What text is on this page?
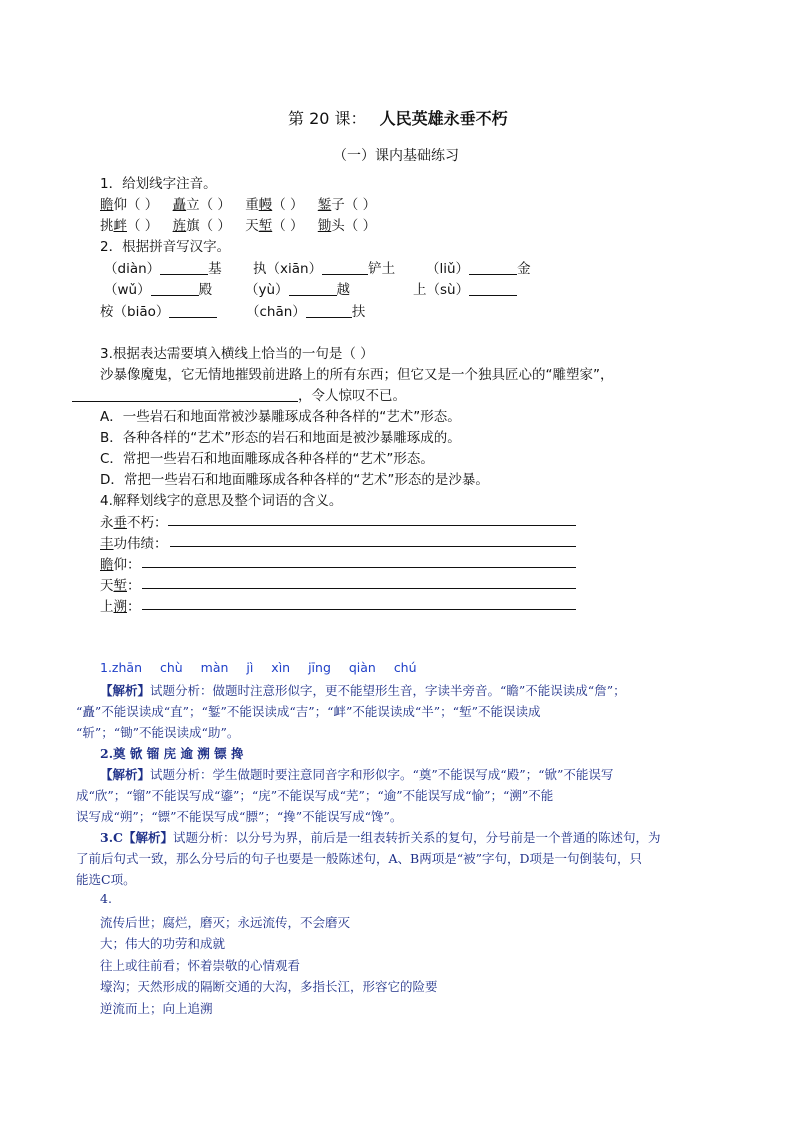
第 20 课： 人民英雄永垂不朽
（一）课内基础练习
1．给划线字注音。
瞻仰（ ） 矗立（ ） 重幔（ ） 錾子（ ）
挑衅（ ） 旌旗（ ） 天堑（ ） 锄头（ ）
2．根据拼音写汉字。
（diàn）	基 执（xiān）	铲土 （liǔ）	金
（wǔ）	殿 （yù）	越	上（sù）
桉（biāo）	（chān）	扶
3.根据表达需要填入横线上恰当的一句是（ ）
沙暴像魔鬼，它无情地摧毁前进路上的所有东西；但它又是一个独具匠心的“雕塑家”，
，令人惊叹不已。
A．一些岩石和地面常被沙暴雕琢成各种各样的“艺术”形态。
B．各种各样的“艺术”形态的岩石和地面是被沙暴雕琢成的。
C．常把一些岩石和地面雕琢成各种各样的“艺术”形态。
D．常把一些岩石和地面雕琢成各种各样的“艺术”形态的是沙暴。
4.解释划线字的意思及整个词语的含义。
永垂不朽：
丰功伟绩：
瞻仰：
天堑：
上溯：
1.zhān chù màn jì xìn jīng qiàn chú
【解析】试题分析：做题时注意形似字，更不能望形生音，字读半旁音。“瞻”不能误读成“詹”；
“矗”不能误读成“直”；“錾”不能误读成“吉”；“衅”不能误读成“半”；“堑”不能误读成
“斩”；“锄”不能误读成“助”。
2.奠 锨 镏 庑 逾 溯 镖 搀
【解析】试题分析：学生做题时要注意同音字和形似字。“奠”不能误写成“殿”；“锨”不能误写
成“欣”；“镏”不能误写成“鎏”；“庑”不能误写成“芜”；“逾”不能误写成“愉”；“溯”不能
误写成“朔”；“镖”不能误写成“膘”；“搀”不能误写成“馋”。
3.C【解析】试题分析：以分号为界，前后是一组表转折关系的复句，分号前是一个普通的陈述句，为
了前后句式一致，那么分号后的句子也要是一般陈述句，A、B两项是“被”字句，D项是一句倒装句，只
能选C项。
4.
流传后世；腐烂，磨灭；永远流传，不会磨灭
大；伟大的功劳和成就
往上或往前看；怀着崇敬的心情观看
壕沟；天然形成的隔断交通的大沟，多指长江，形容它的险要
逆流而上；向上追溯
